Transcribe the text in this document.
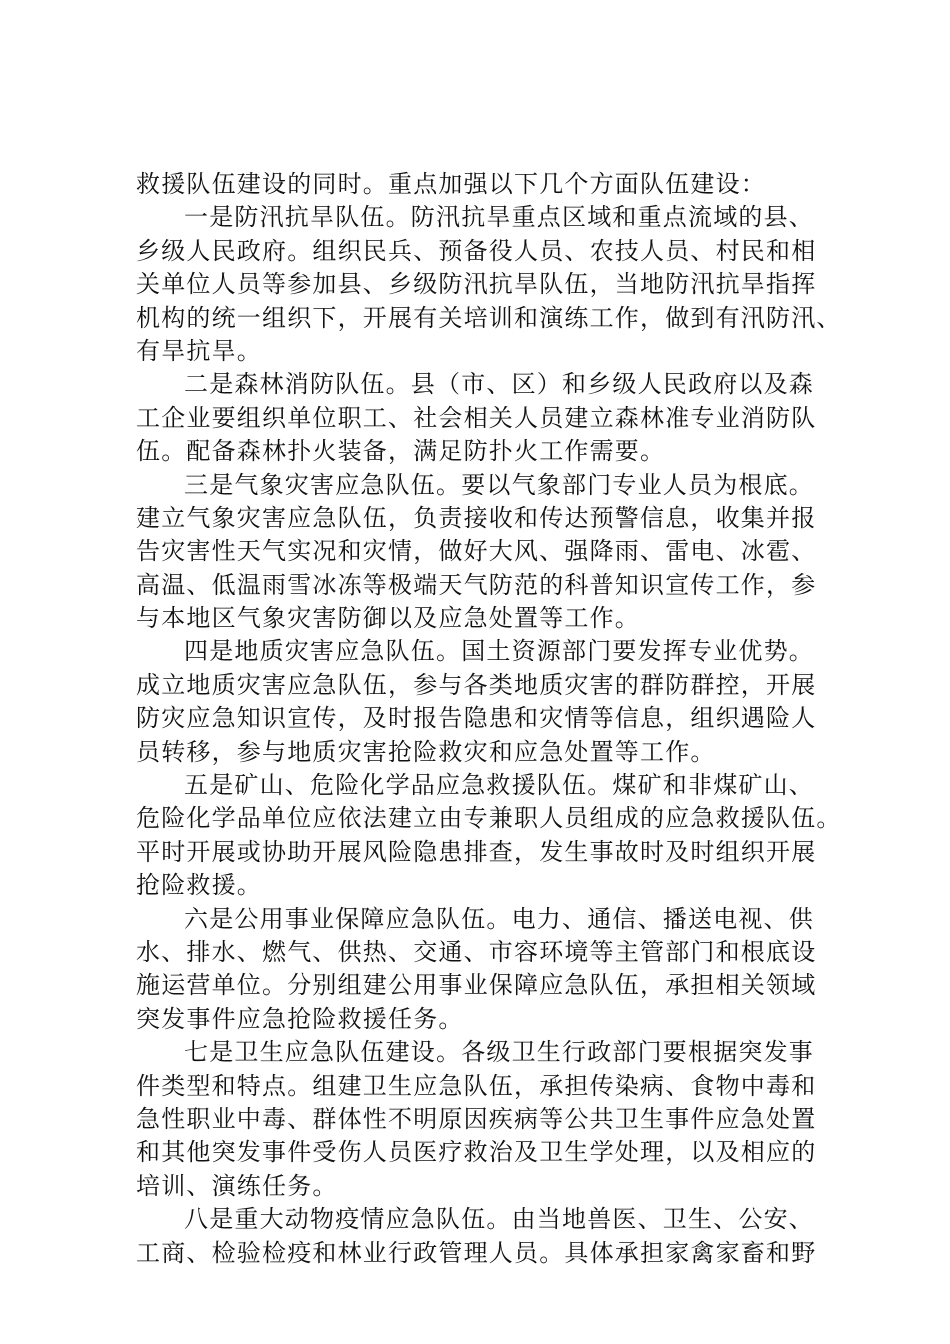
救援队伍建设的同时。重点加强以下几个方面队伍建设：
一是防汛抗旱队伍。防汛抗旱重点区域和重点流域的县、
乡级人民政府。组织民兵、预备役人员、农技人员、村民和相
关单位人员等参加县、乡级防汛抗旱队伍，当地防汛抗旱指挥
机构的统一组织下，开展有关培训和演练工作，做到有汛防汛、
有旱抗旱。
二是森林消防队伍。县（市、区）和乡级人民政府以及森
工企业要组织单位职工、社会相关人员建立森林准专业消防队
伍。配备森林扑火装备，满足防扑火工作需要。
三是气象灾害应急队伍。要以气象部门专业人员为根底。
建立气象灾害应急队伍，负责接收和传达预警信息，收集并报
告灾害性天气实况和灾情，做好大风、强降雨、雷电、冰雹、
高温、低温雨雪冰冻等极端天气防范的科普知识宣传工作，参
与本地区气象灾害防御以及应急处置等工作。
四是地质灾害应急队伍。国土资源部门要发挥专业优势。
成立地质灾害应急队伍，参与各类地质灾害的群防群控，开展
防灾应急知识宣传，及时报告隐患和灾情等信息，组织遇险人
员转移，参与地质灾害抢险救灾和应急处置等工作。
五是矿山、危险化学品应急救援队伍。煤矿和非煤矿山、
危险化学品单位应依法建立由专兼职人员组成的应急救援队伍。
平时开展或协助开展风险隐患排查，发生事故时及时组织开展
抢险救援。
六是公用事业保障应急队伍。电力、通信、播送电视、供
水、排水、燃气、供热、交通、市容环境等主管部门和根底设
施运营单位。分别组建公用事业保障应急队伍，承担相关领域
突发事件应急抢险救援任务。
七是卫生应急队伍建设。各级卫生行政部门要根据突发事
件类型和特点。组建卫生应急队伍，承担传染病、食物中毒和
急性职业中毒、群体性不明原因疾病等公共卫生事件应急处置
和其他突发事件受伤人员医疗救治及卫生学处理，以及相应的
培训、演练任务。
八是重大动物疫情应急队伍。由当地兽医、卫生、公安、
工商、检验检疫和林业行政管理人员。具体承担家禽家畜和野
